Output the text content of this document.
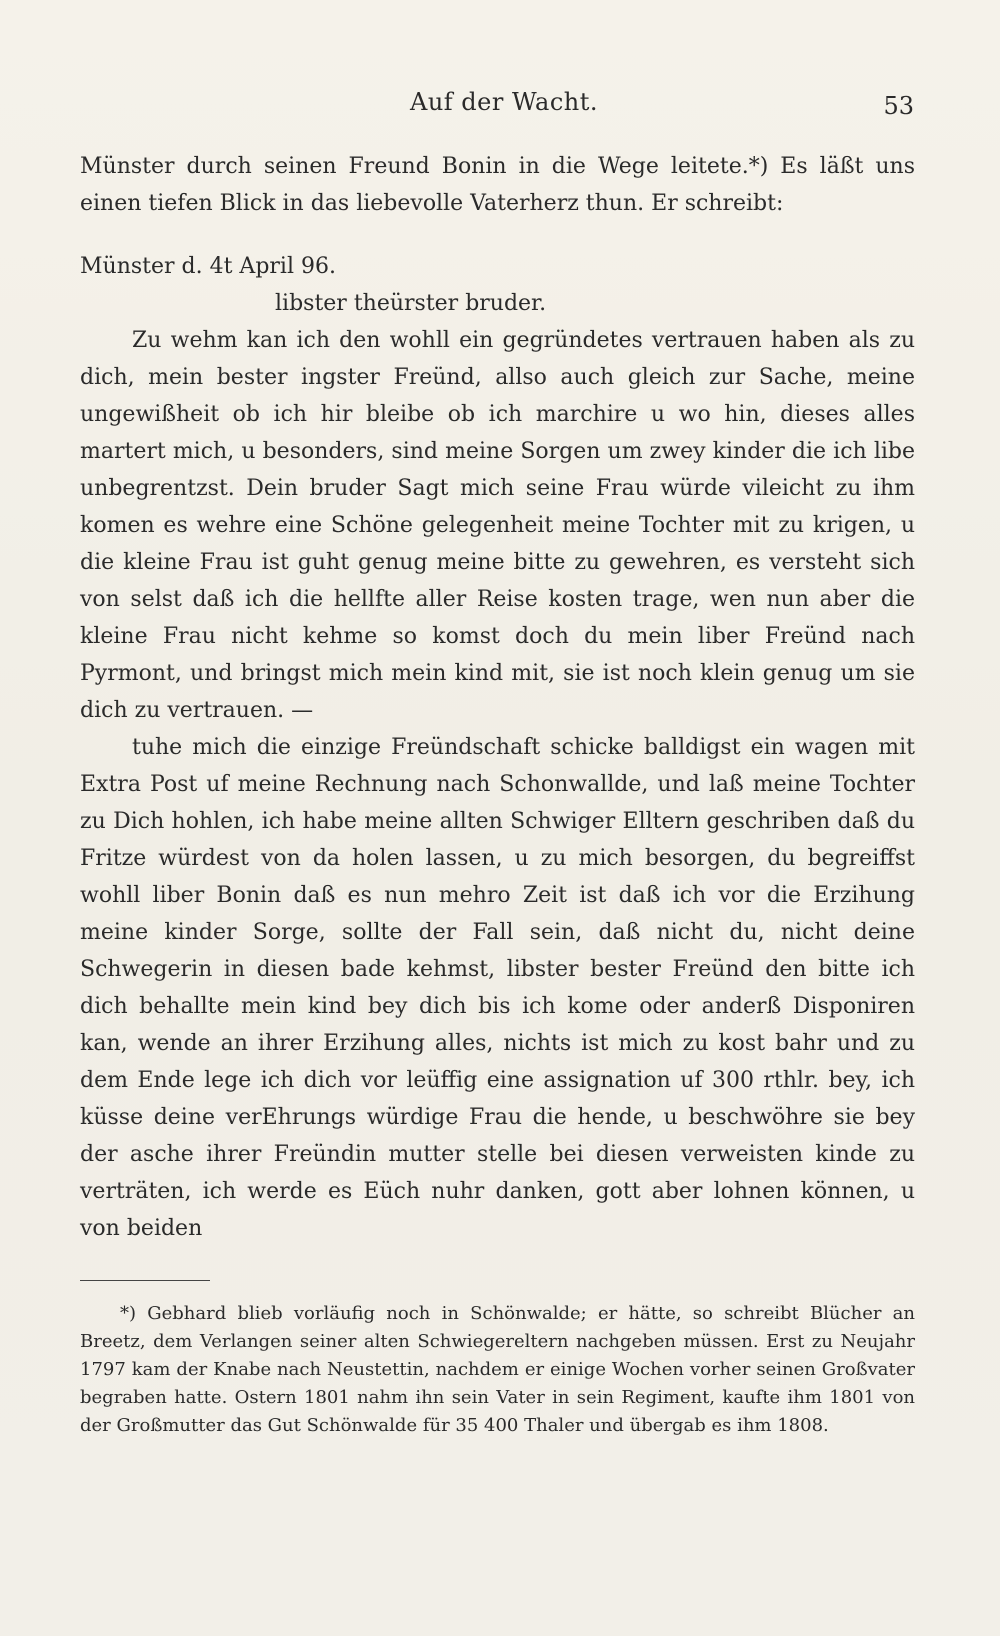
Auf der Wacht.	53

Münster durch seinen Freund Bonin in die Wege leitete.*) Es läßt uns einen tiefen Blick in das liebevolle Vaterherz thun. Er schreibt:

Münster d. 4t April 96.

libster theürster bruder.

Zu wehm kan ich den wohll ein gegründetes vertrauen haben als zu dich, mein bester ingster Freünd, allso auch gleich zur Sache, meine ungewißheit ob ich hir bleibe ob ich marchire u wo hin, dieses alles martert mich, u besonders, sind meine Sorgen um zwey kinder die ich libe unbegrentzst. Dein bruder Sagt mich seine Frau würde vileicht zu ihm komen es wehre eine Schöne gelegenheit meine Tochter mit zu krigen, u die kleine Frau ist guht genug meine bitte zu gewehren, es versteht sich von selst daß ich die hellfte aller Reise kosten trage, wen nun aber die kleine Frau nicht kehme so komst doch du mein liber Freünd nach Pyrmont, und bringst mich mein kind mit, sie ist noch klein genug um sie dich zu vertrauen. —

tuhe mich die einzige Freündschaft schicke balldigst ein wagen mit Extra Post uf meine Rechnung nach Schonwallde, und laß meine Tochter zu Dich hohlen, ich habe meine allten Schwiger Elltern geschriben daß du Fritze würdest von da holen lassen, u zu mich besorgen, du begreiffst wohll liber Bonin daß es nun mehro Zeit ist daß ich vor die Erzihung meine kinder Sorge, sollte der Fall sein, daß nicht du, nicht deine Schwegerin in diesen bade kehmst, libster bester Freünd den bitte ich dich behallte mein kind bey dich bis ich kome oder anderß Disponiren kan, wende an ihrer Erzihung alles, nichts ist mich zu kost bahr und zu dem Ende lege ich dich vor leüffig eine assignation uf 300 rthlr. bey, ich küsse deine verEhrungs würdige Frau die hende, u beschwöhre sie bey der asche ihrer Freündin mutter stelle bei diesen verweisten kinde zu verträten, ich werde es Eüch nuhr danken, gott aber lohnen können, u von beiden

*) Gebhard blieb vorläufig noch in Schönwalde; er hätte, so schreibt Blücher an Breetz, dem Verlangen seiner alten Schwiegereltern nachgeben müssen. Erst zu Neujahr 1797 kam der Knabe nach Neustettin, nachdem er einige Wochen vorher seinen Großvater begraben hatte. Ostern 1801 nahm ihn sein Vater in sein Regiment, kaufte ihm 1801 von der Großmutter das Gut Schönwalde für 35 400 Thaler und übergab es ihm 1808.
